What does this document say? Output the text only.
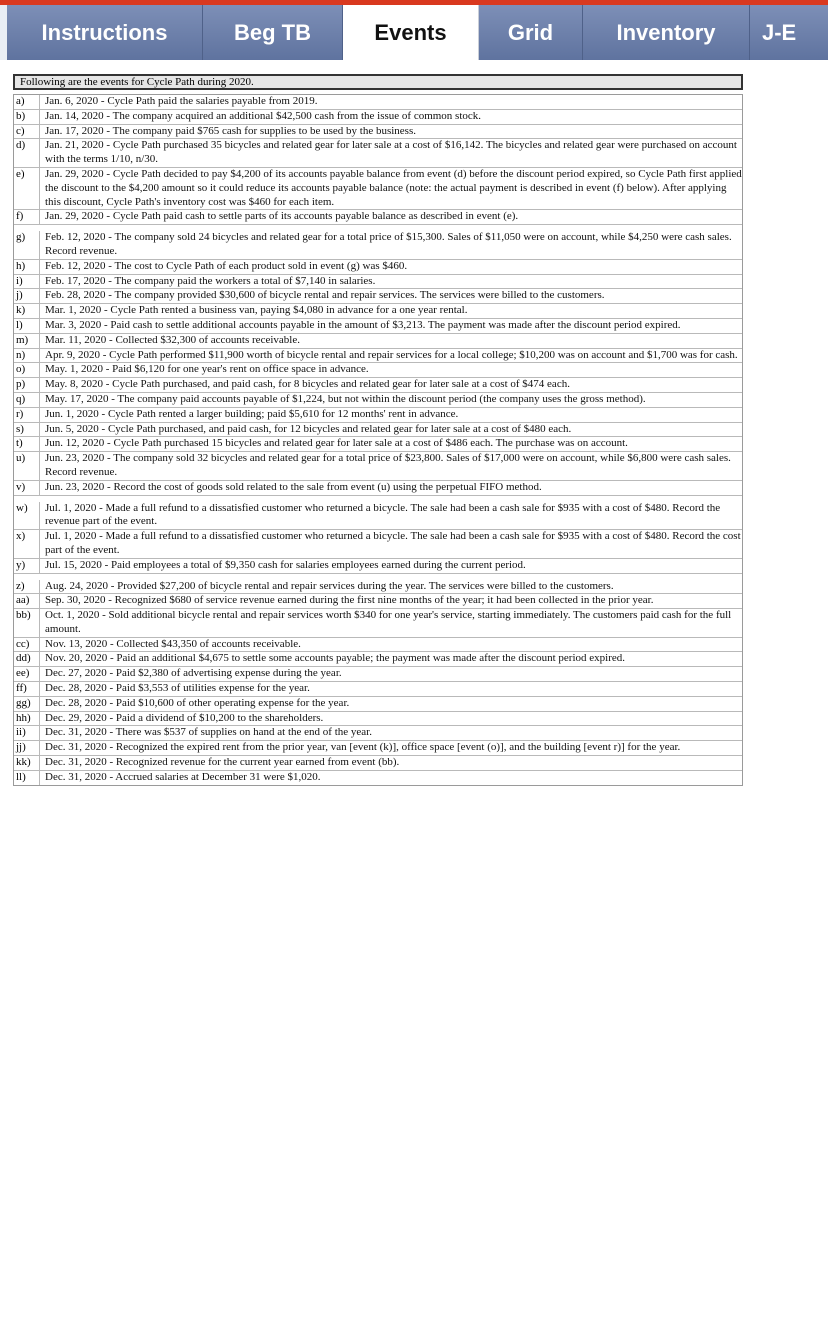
Instructions	Beg TB	Events	Grid	Inventory	J-E
Following are the events for Cycle Path during 2020.
a)	Jan. 6, 2020 - Cycle Path paid the salaries payable from 2019.
b)	Jan. 14, 2020 - The company acquired an additional $42,500 cash from the issue of common stock.
c)	Jan. 17, 2020 - The company paid $765 cash for supplies to be used by the business.
d)	Jan. 21, 2020 - Cycle Path purchased 35 bicycles and related gear for later sale at a cost of $16,142. The bicycles and related gear were purchased on account with the terms 1/10, n/30.
e)	Jan. 29, 2020 - Cycle Path decided to pay $4,200 of its accounts payable balance from event (d) before the discount period expired, so Cycle Path first applied the discount to the $4,200 amount so it could reduce its accounts payable balance (note: the actual payment is described in event (f) below). After applying this discount, Cycle Path's inventory cost was $460 for each item.
f)	Jan. 29, 2020 - Cycle Path paid cash to settle parts of its accounts payable balance as described in event (e).
g)	Feb. 12, 2020 - The company sold 24 bicycles and related gear for a total price of $15,300. Sales of $11,050 were on account, while $4,250 were cash sales. Record revenue.
h)	Feb. 12, 2020 - The cost to Cycle Path of each product sold in event (g) was $460.
i)	Feb. 17, 2020 - The company paid the workers a total of $7,140 in salaries.
j)	Feb. 28, 2020 - The company provided $30,600 of bicycle rental and repair services. The services were billed to the customers.
k)	Mar. 1, 2020 - Cycle Path rented a business van, paying $4,080 in advance for a one year rental.
l)	Mar. 3, 2020 - Paid cash to settle additional accounts payable in the amount of $3,213. The payment was made after the discount period expired.
m)	Mar. 11, 2020 - Collected $32,300 of accounts receivable.
n)	Apr. 9, 2020 - Cycle Path performed $11,900 worth of bicycle rental and repair services for a local college; $10,200 was on account and $1,700 was for cash.
o)	May. 1, 2020 - Paid $6,120 for one year's rent on office space in advance.
p)	May. 8, 2020 - Cycle Path purchased, and paid cash, for 8 bicycles and related gear for later sale at a cost of $474 each.
q)	May. 17, 2020 - The company paid accounts payable of $1,224, but not within the discount period (the company uses the gross method).
r)	Jun. 1, 2020 - Cycle Path rented a larger building; paid $5,610 for 12 months' rent in advance.
s)	Jun. 5, 2020 - Cycle Path purchased, and paid cash, for 12 bicycles and related gear for later sale at a cost of $480 each.
t)	Jun. 12, 2020 - Cycle Path purchased 15 bicycles and related gear for later sale at a cost of $486 each. The purchase was on account.
u)	Jun. 23, 2020 - The company sold 32 bicycles and related gear for a total price of $23,800. Sales of $17,000 were on account, while $6,800 were cash sales. Record revenue.
v)	Jun. 23, 2020 - Record the cost of goods sold related to the sale from event (u) using the perpetual FIFO method.
w)	Jul. 1, 2020 - Made a full refund to a dissatisfied customer who returned a bicycle. The sale had been a cash sale for $935 with a cost of $480. Record the revenue part of the event.
x)	Jul. 1, 2020 - Made a full refund to a dissatisfied customer who returned a bicycle. The sale had been a cash sale for $935 with a cost of $480. Record the cost part of the event.
y)	Jul. 15, 2020 - Paid employees a total of $9,350 cash for salaries employees earned during the current period.
z)	Aug. 24, 2020 - Provided $27,200 of bicycle rental and repair services during the year. The services were billed to the customers.
aa)	Sep. 30, 2020 - Recognized $680 of service revenue earned during the first nine months of the year; it had been collected in the prior year.
bb)	Oct. 1, 2020 - Sold additional bicycle rental and repair services worth $340 for one year's service, starting immediately. The customers paid cash for the full amount.
cc)	Nov. 13, 2020 - Collected $43,350 of accounts receivable.
dd)	Nov. 20, 2020 - Paid an additional $4,675 to settle some accounts payable; the payment was made after the discount period expired.
ee)	Dec. 27, 2020 - Paid $2,380 of advertising expense during the year.
ff)	Dec. 28, 2020 - Paid $3,553 of utilities expense for the year.
gg)	Dec. 28, 2020 - Paid $10,600 of other operating expense for the year.
hh)	Dec. 29, 2020 - Paid a dividend of $10,200 to the shareholders.
ii)	Dec. 31, 2020 - There was $537 of supplies on hand at the end of the year.
jj)	Dec. 31, 2020 - Recognized the expired rent from the prior year, van [event (k)], office space [event (o)], and the building [event r)] for the year.
kk)	Dec. 31, 2020 - Recognized revenue for the current year earned from event (bb).
ll)	Dec. 31, 2020 - Accrued salaries at December 31 were $1,020.
